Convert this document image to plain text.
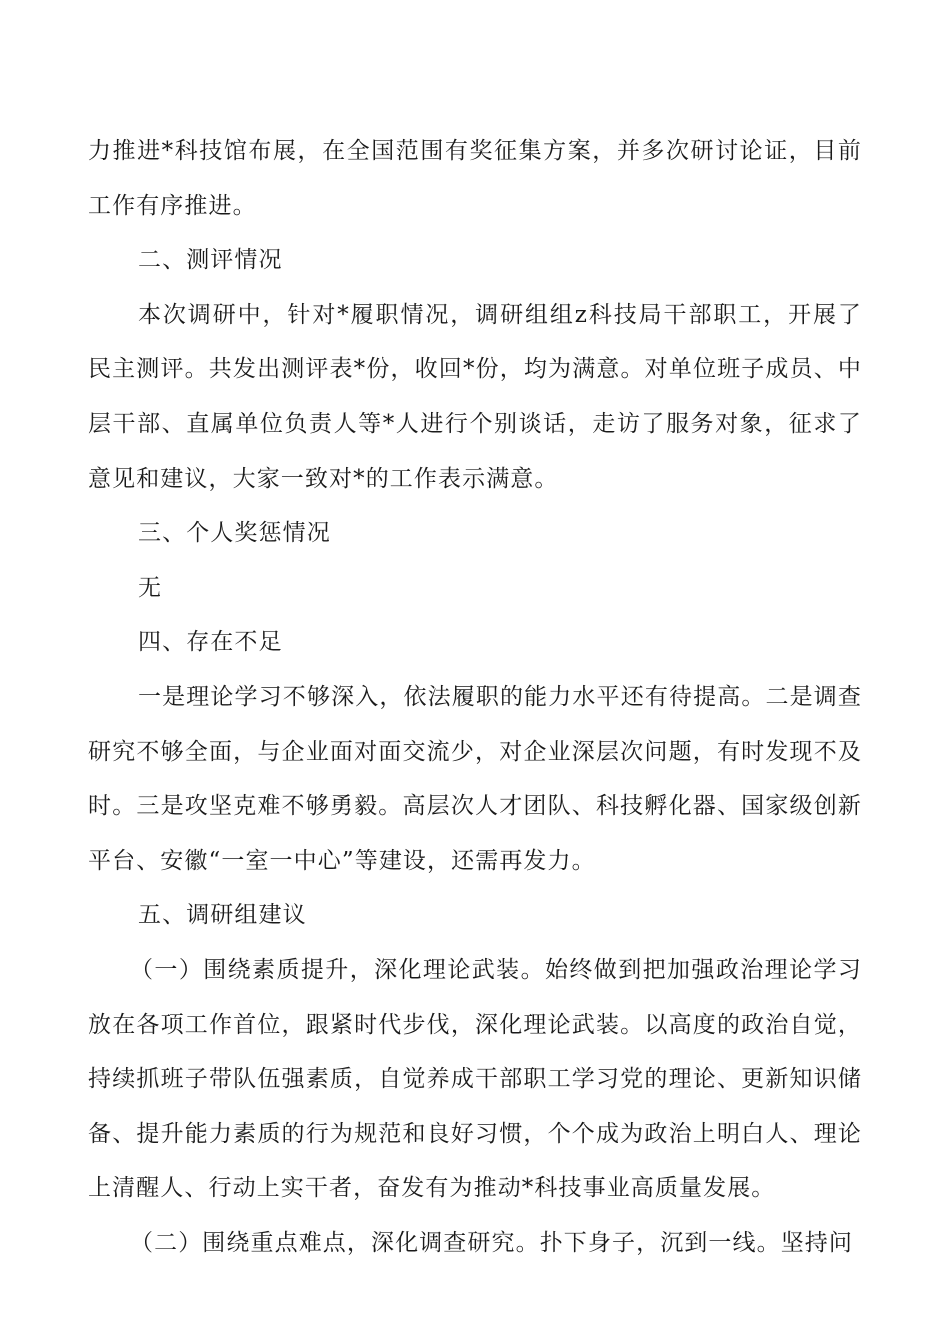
力推进*科技馆布展，在全国范围有奖征集方案，并多次研讨论证，目前工作有序推进。

二、测评情况

本次调研中，针对*履职情况，调研组组z科技局干部职工，开展了民主测评。共发出测评表*份，收回*份，均为满意。对单位班子成员、中层干部、直属单位负责人等*人进行个别谈话，走访了服务对象，征求了意见和建议，大家一致对*的工作表示满意。

三、个人奖惩情况

无

四、存在不足

一是理论学习不够深入，依法履职的能力水平还有待提高。二是调查研究不够全面，与企业面对面交流少，对企业深层次问题，有时发现不及时。三是攻坚克难不够勇毅。高层次人才团队、科技孵化器、国家级创新平台、安徽“一室一中心”等建设，还需再发力。

五、调研组建议

（一）围绕素质提升，深化理论武装。始终做到把加强政治理论学习放在各项工作首位，跟紧时代步伐，深化理论武装。以高度的政治自觉，持续抓班子带队伍强素质，自觉养成干部职工学习党的理论、更新知识储备、提升能力素质的行为规范和良好习惯，个个成为政治上明白人、理论上清醒人、行动上实干者，奋发有为推动*科技事业高质量发展。

（二）围绕重点难点，深化调查研究。扑下身子，沉到一线。坚持问
